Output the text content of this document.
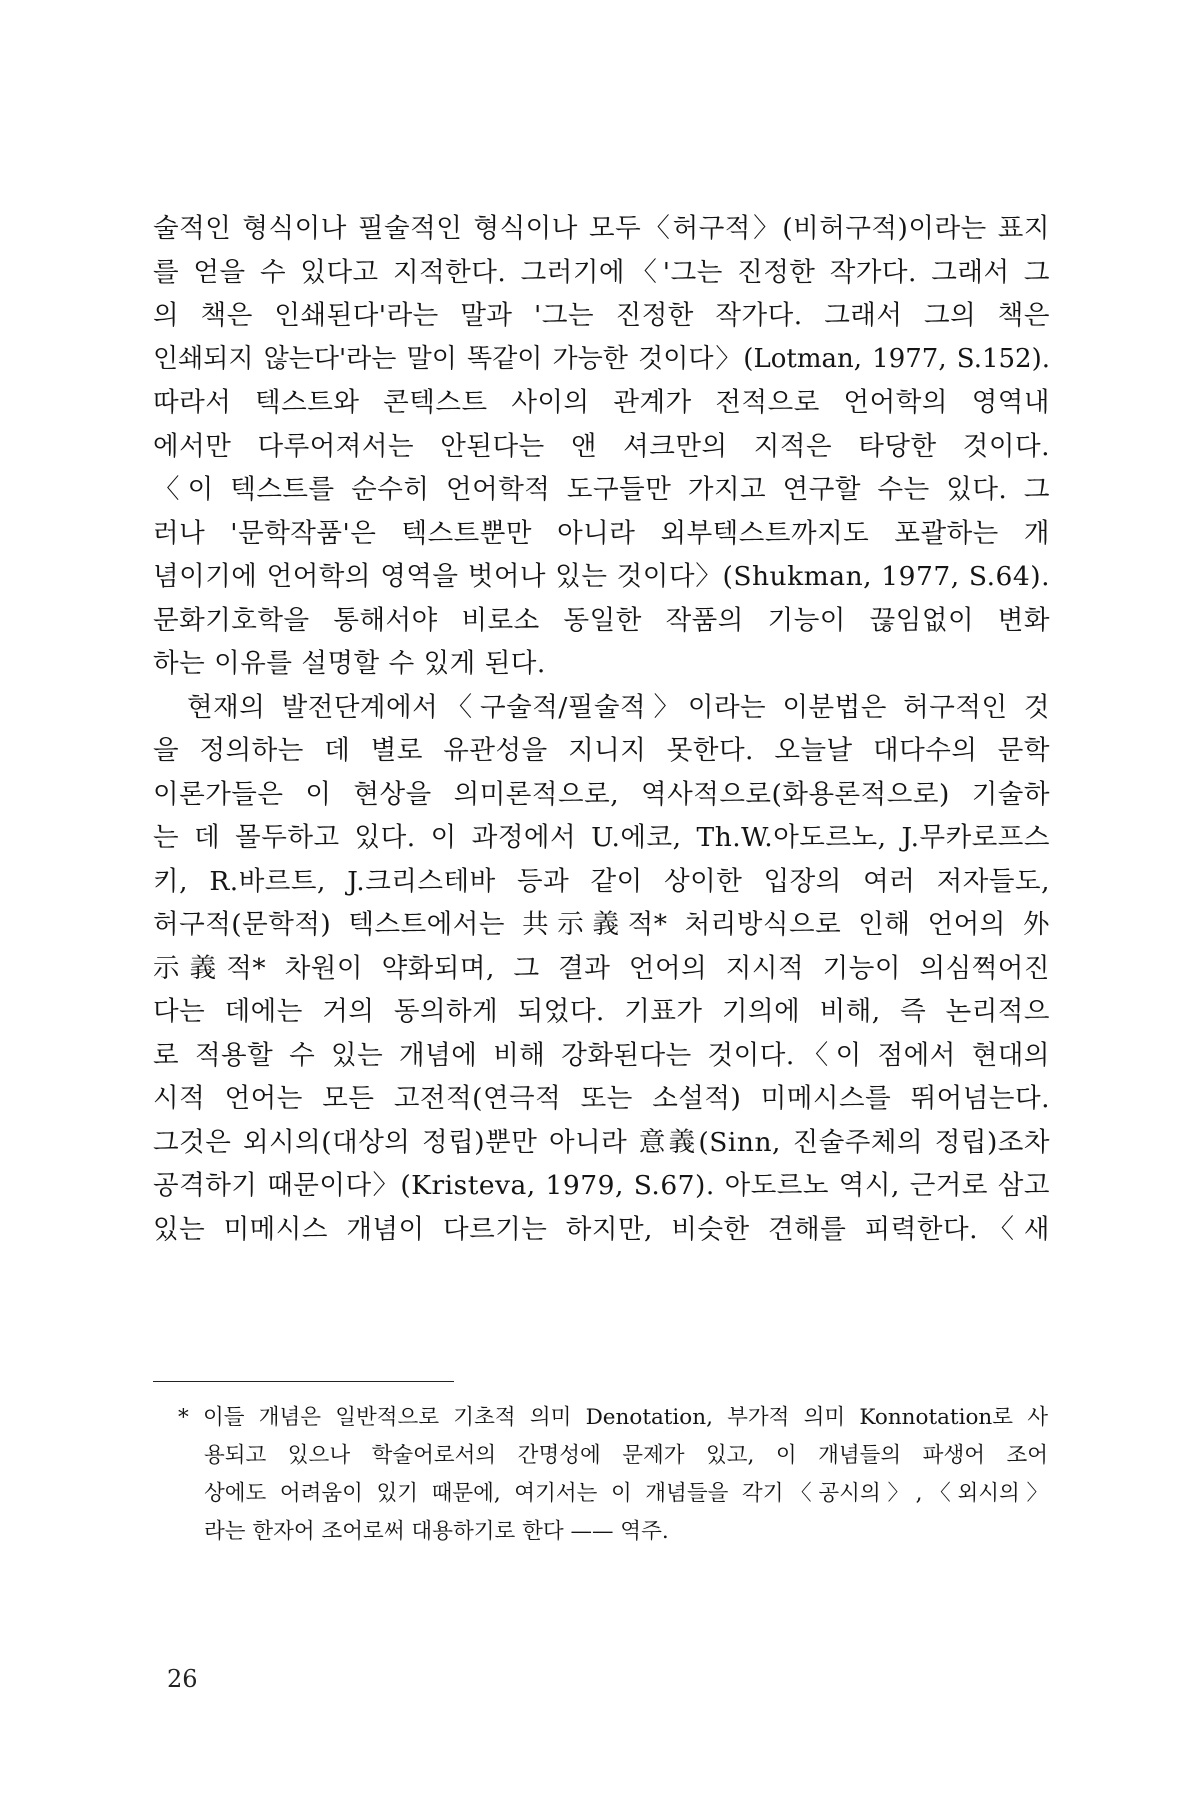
술적인 형식이나 필술적인 형식이나 모두〈허구적〉(비허구적)이라는 표지
를 얻을 수 있다고 지적한다. 그러기에〈'그는 진정한 작가다. 그래서 그
의 책은 인쇄된다'라는 말과 '그는 진정한 작가다. 그래서 그의 책은
인쇄되지 않는다'라는 말이 똑같이 가능한 것이다〉(Lotman, 1977, S.152).
따라서 텍스트와 콘텍스트 사이의 관계가 전적으로 언어학의 영역내
에서만 다루어져서는 안된다는 앤 셔크만의 지적은 타당한 것이다.
〈이 텍스트를 순수히 언어학적 도구들만 가지고 연구할 수는 있다. 그
러나 '문학작품'은 텍스트뿐만 아니라 외부텍스트까지도 포괄하는 개
념이기에 언어학의 영역을 벗어나 있는 것이다〉(Shukman, 1977, S.64).
문화기호학을 통해서야 비로소 동일한 작품의 기능이 끊임없이 변화
하는 이유를 설명할 수 있게 된다.
현재의 발전단계에서〈구술적/필술적〉이라는 이분법은 허구적인 것
을 정의하는 데 별로 유관성을 지니지 못한다. 오늘날 대다수의 문학
이론가들은 이 현상을 의미론적으로, 역사적으로(화용론적으로) 기술하
는 데 몰두하고 있다. 이 과정에서 U.에코, Th.W.아도르노, J.무카로프스
키, R.바르트, J.크리스테바 등과 같이 상이한 입장의 여러 저자들도,
허구적(문학적) 텍스트에서는 共示義적* 처리방식으로 인해 언어의 外
示義적* 차원이 약화되며, 그 결과 언어의 지시적 기능이 의심쩍어진
다는 데에는 거의 동의하게 되었다. 기표가 기의에 비해, 즉 논리적으
로 적용할 수 있는 개념에 비해 강화된다는 것이다.〈이 점에서 현대의
시적 언어는 모든 고전적(연극적 또는 소설적) 미메시스를 뛰어넘는다.
그것은 외시의(대상의 정립)뿐만 아니라 意義(Sinn, 진술주체의 정립)조차
공격하기 때문이다〉(Kristeva, 1979, S.67). 아도르노 역시, 근거로 삼고
있는 미메시스 개념이 다르기는 하지만, 비슷한 견해를 피력한다.〈새
* 이들 개념은 일반적으로 기초적 의미 Denotation, 부가적 의미 Konnotation로 사
용되고 있으나 학술어로서의 간명성에 문제가 있고, 이 개념들의 파생어 조어
상에도 어려움이 있기 때문에, 여기서는 이 개념들을 각기〈공시의〉,〈외시의〉
라는 한자어 조어로써 대용하기로 한다 —— 역주.
26
